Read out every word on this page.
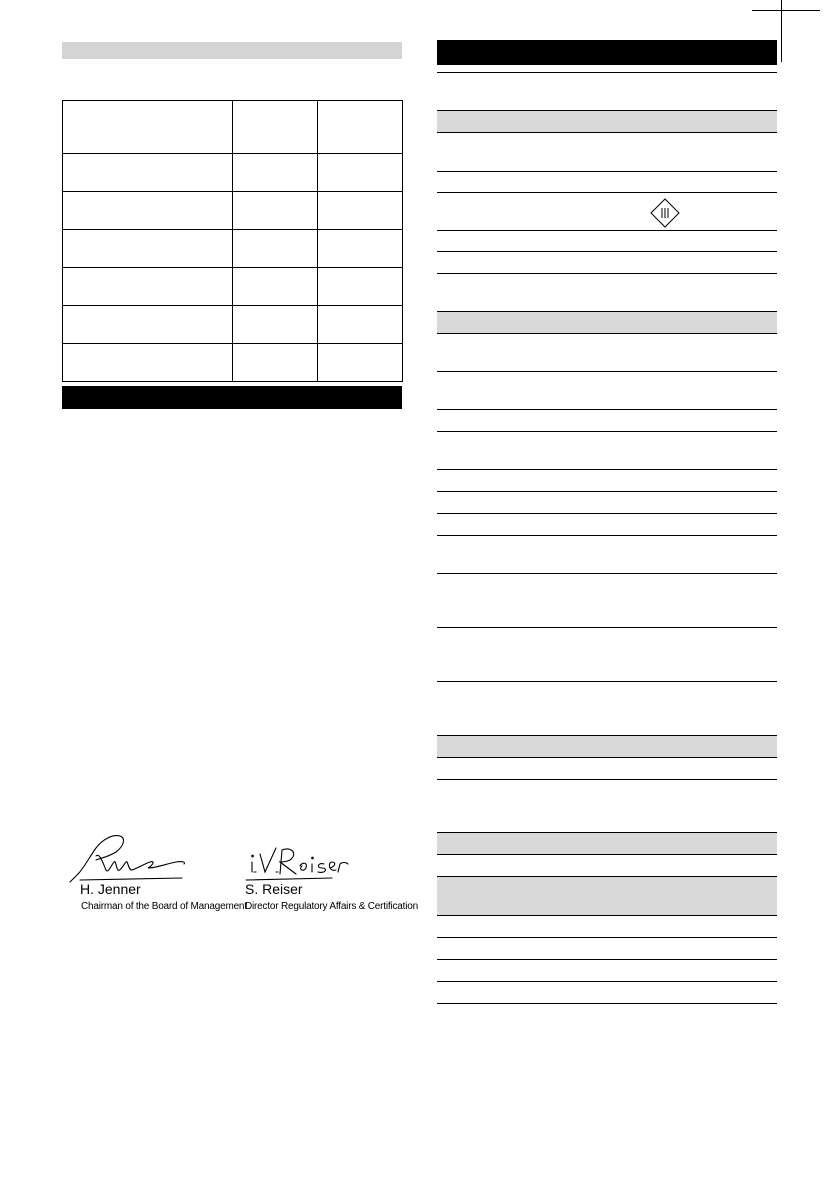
H. Jenner
Chairman of the Board of Management
S. Reiser
Director Regulatory Affairs & Certification
